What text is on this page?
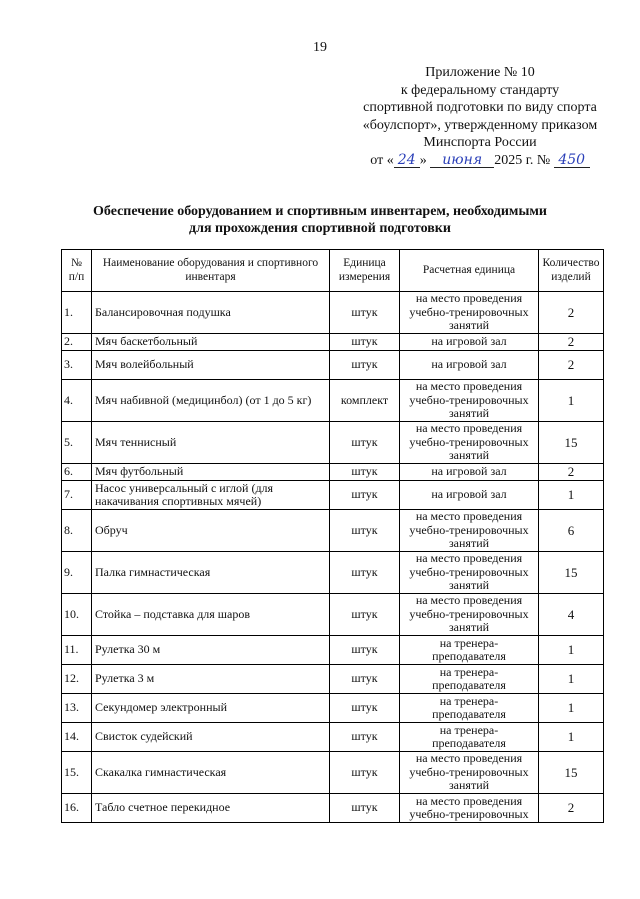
19
Приложение № 10
к федеральному стандарту
спортивной подготовки по виду спорта
«боулспорт», утвержденному приказом
Минспорта России
от « 24 » июня 2025 г. № 450
Обеспечение оборудованием и спортивным инвентарем, необходимыми
для прохождения спортивной подготовки
№ п/п	Наименование оборудования и спортивного инвентаря	Единица измерения	Расчетная единица	Количество изделий
1.	Балансировочная подушка	штук	на место проведения учебно-тренировочных занятий	2
2.	Мяч баскетбольный	штук	на игровой зал	2
3.	Мяч волейбольный	штук	на игровой зал	2
4.	Мяч набивной (медицинбол) (от 1 до 5 кг)	комплект	на место проведения учебно-тренировочных занятий	1
5.	Мяч теннисный	штук	на место проведения учебно-тренировочных занятий	15
6.	Мяч футбольный	штук	на игровой зал	2
7.	Насос универсальный с иглой (для накачивания спортивных мячей)	штук	на игровой зал	1
8.	Обруч	штук	на место проведения учебно-тренировочных занятий	6
9.	Палка гимнастическая	штук	на место проведения учебно-тренировочных занятий	15
10.	Стойка – подставка для шаров	штук	на место проведения учебно-тренировочных занятий	4
11.	Рулетка 30 м	штук	на тренера-преподавателя	1
12.	Рулетка 3 м	штук	на тренера-преподавателя	1
13.	Секундомер электронный	штук	на тренера-преподавателя	1
14.	Свисток судейский	штук	на тренера-преподавателя	1
15.	Скакалка гимнастическая	штук	на место проведения учебно-тренировочных занятий	15
16.	Табло счетное перекидное	штук	на место проведения учебно-тренировочных	2
